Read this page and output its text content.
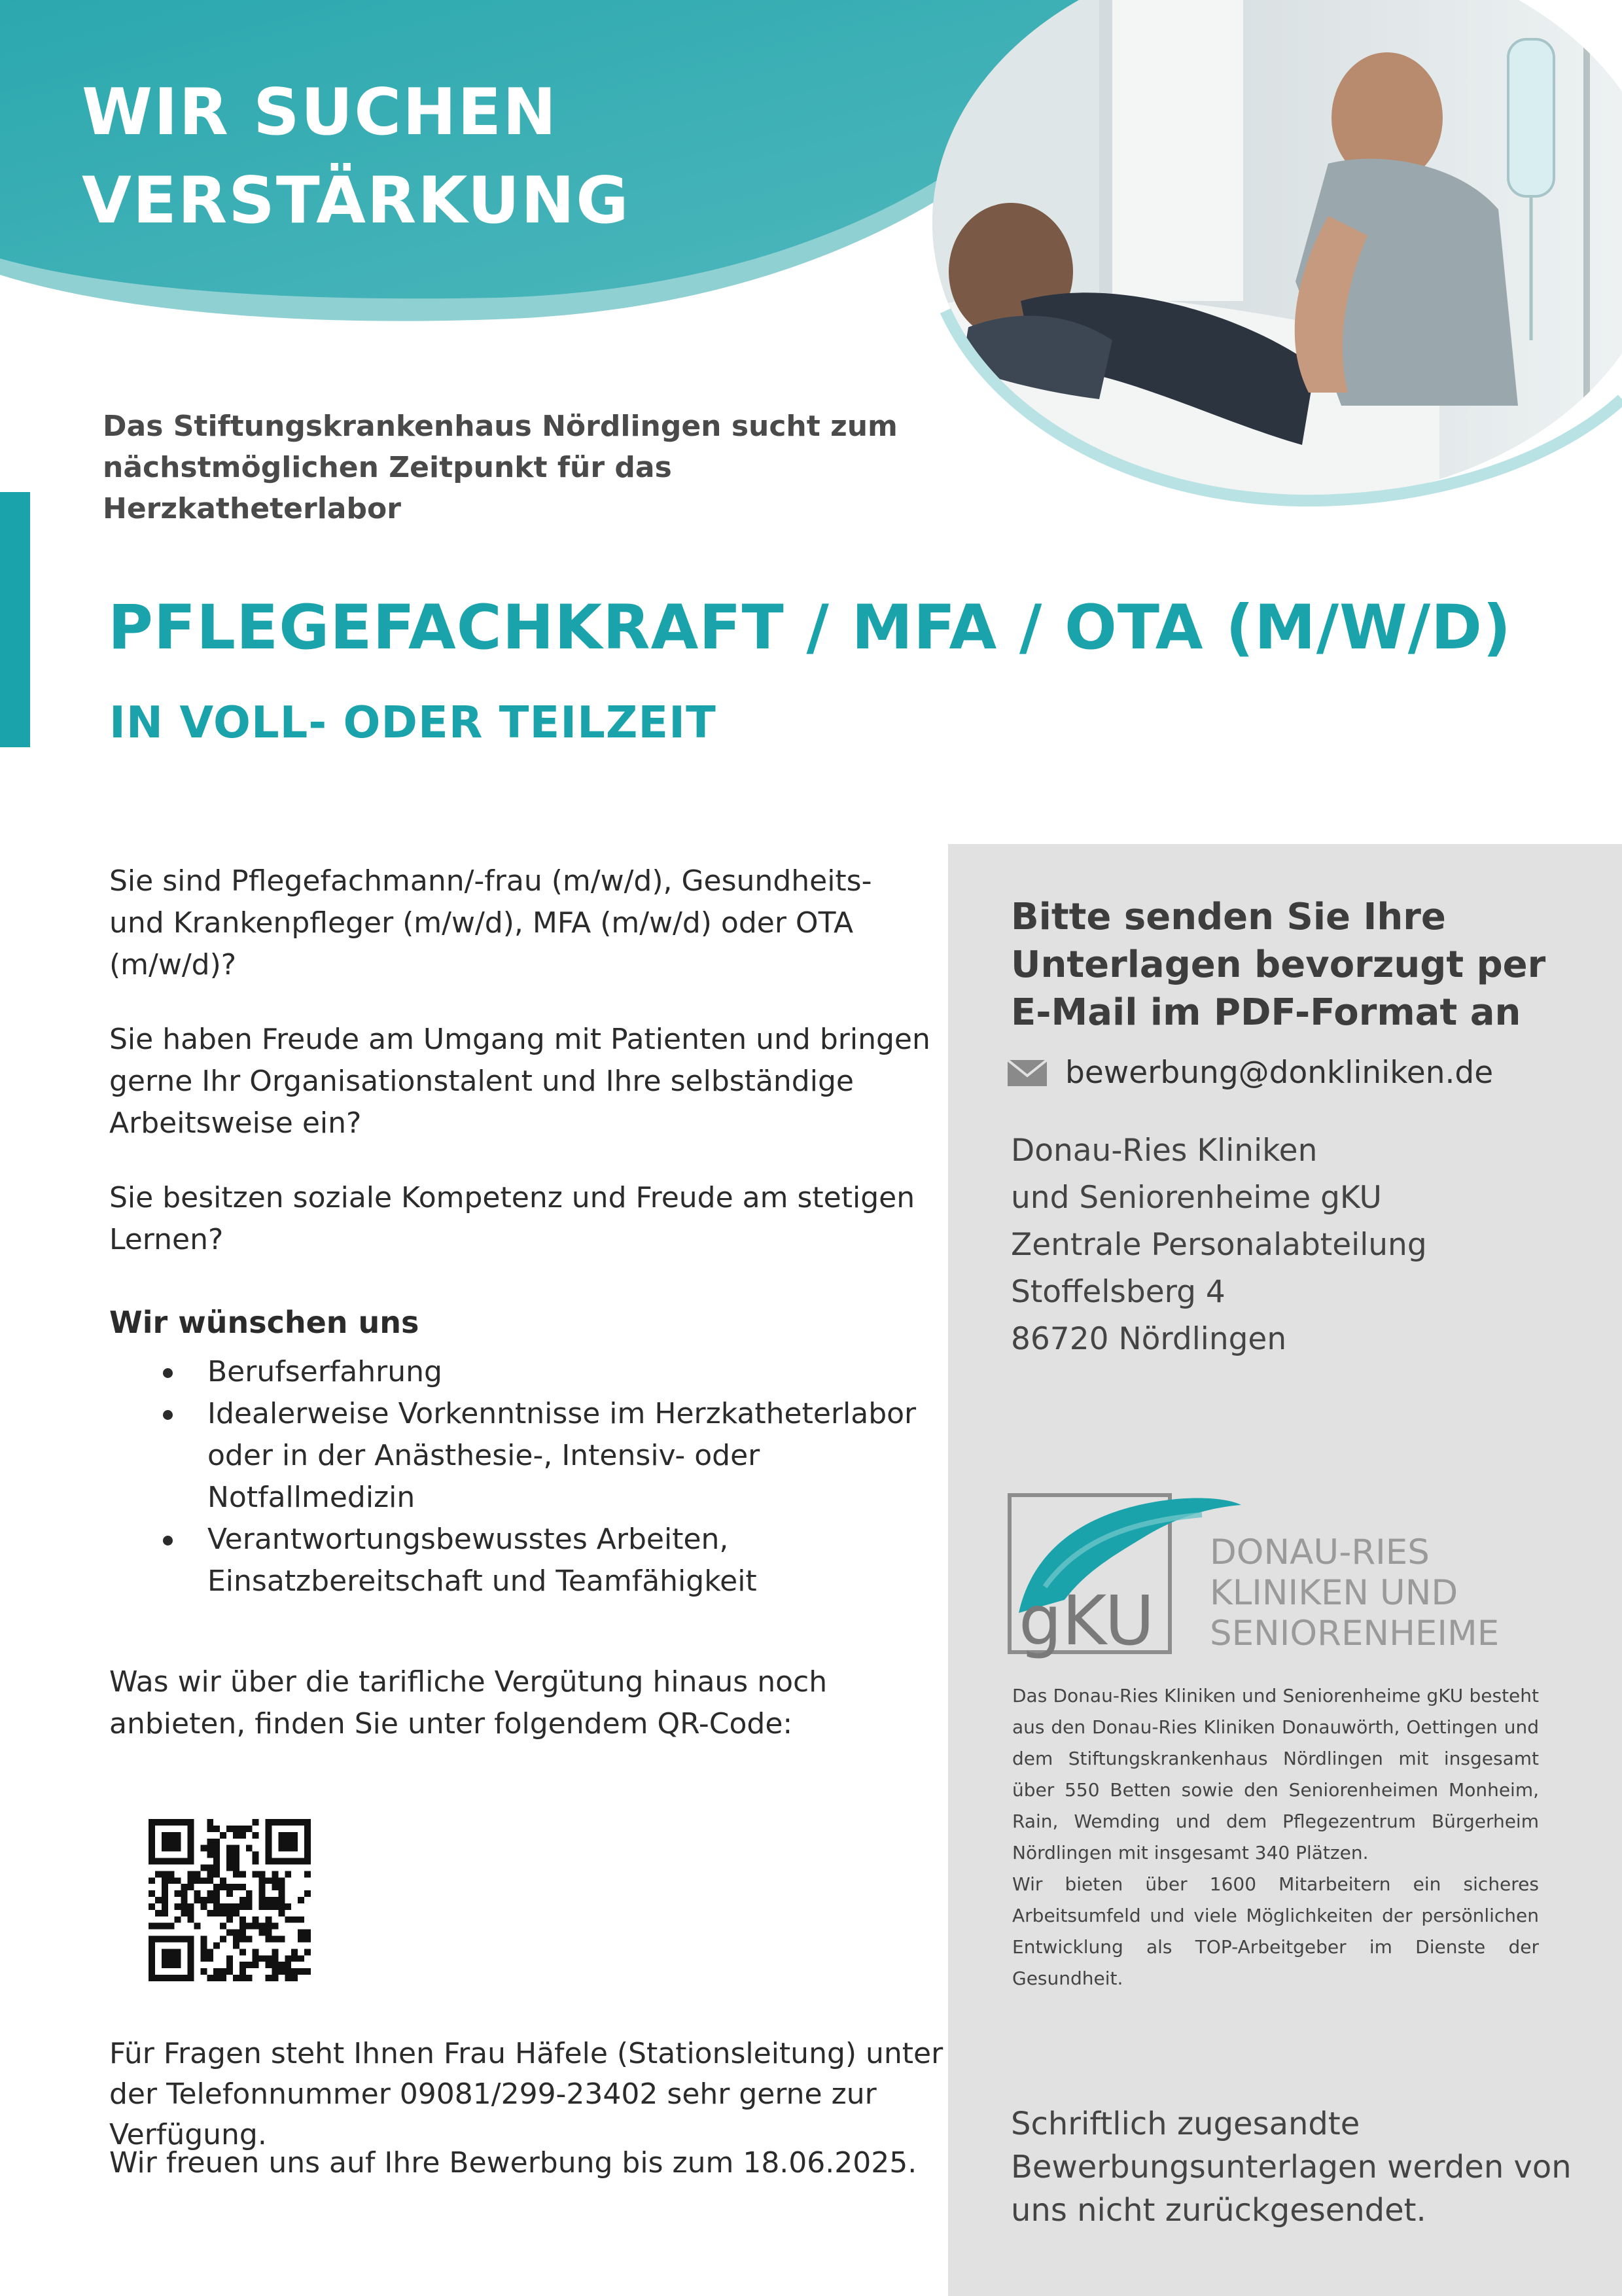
WIR SUCHEN
VERSTÄRKUNG
Das Stiftungskrankenhaus Nördlingen sucht zum
nächstmöglichen Zeitpunkt für das Herzkatheterlabor
PFLEGEFACHKRAFT / MFA / OTA (M/W/D)
IN VOLL- ODER TEILZEIT

Sie sind Pflegefachmann/-frau (m/w/d), Gesundheits- und Krankenpfleger (m/w/d), MFA (m/w/d) oder OTA (m/w/d)?

Sie haben Freude am Umgang mit Patienten und bringen gerne Ihr Organisationstalent und Ihre selbständige Arbeitsweise ein?

Sie besitzen soziale Kompetenz und Freude am stetigen Lernen?

Wir wünschen uns
Berufserfahrung
Idealerweise Vorkenntnisse im Herzkatheterlabor oder in der Anästhesie-, Intensiv- oder Notfallmedizin
Verantwortungsbewusstes Arbeiten, Einsatzbereitschaft und Teamfähigkeit

Was wir über die tarifliche Vergütung hinaus noch anbieten, finden Sie unter folgendem QR-Code:

Für Fragen steht Ihnen Frau Häfele (Stationsleitung) unter der Telefonnummer 09081/299-23402 sehr gerne zur Verfügung.
Wir freuen uns auf Ihre Bewerbung bis zum 18.06.2025.
Bitte senden Sie Ihre Unterlagen bevorzugt per E-Mail im PDF-Format an
bewerbung@donkliniken.de
Donau-Ries Kliniken
und Seniorenheime gKU
Zentrale Personalabteilung
Stoffelsberg 4
86720 Nördlingen
gKU
DONAU-RIES
KLINIKEN UND
SENIORENHEIME

Das Donau-Ries Kliniken und Seniorenheime gKU besteht aus den Donau-Ries Kliniken Donauwörth, Oettingen und dem Stiftungskrankenhaus Nördlingen mit insgesamt über 550 Betten sowie den Seniorenheimen Monheim, Rain, Wemding und dem Pflegezentrum Bürgerheim Nördlingen mit insgesamt 340 Plätzen.

Wir bieten über 1600 Mitarbeitern ein sicheres Arbeitsumfeld und viele Möglichkeiten der persönlichen Entwicklung als TOP-Arbeitgeber im Dienste der Gesundheit.

Schriftlich zugesandte Bewerbungsunterlagen werden von uns nicht zurückgesendet.
